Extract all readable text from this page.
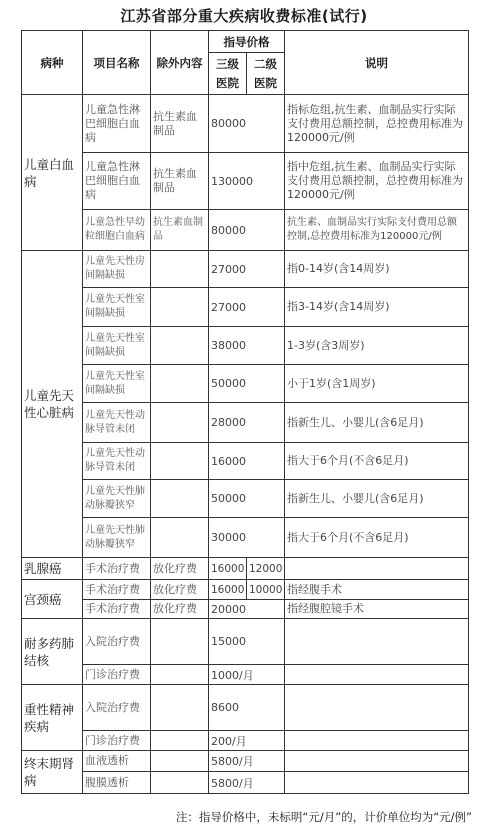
江苏省部分重大疾病收费标准(试行)
病种	项目名称	除外内容	指导价格		说明
			三级医院	二级医院	
儿童白血病	儿童急性淋巴细胞白血病	抗生素血制品	80000		指标危组,抗生素、血制品实行实际支付费用总额控制，总控费用标准为120000元/例
	儿童急性淋巴细胞白血病	抗生素血制品	130000		指中危组,抗生素、血制品实行实际支付费用总额控制，总控费用标准为120000元/例
	儿童急性早幼粒细胞白血病	抗生素血制品	80000		抗生素、血制品实行实际支付费用总额控制,总控费用标准为120000元/例
儿童先天性心脏病	儿童先天性房间隔缺损		27000		指0-14岁(含14周岁)
	儿童先天性室间隔缺损		27000		指3-14岁(含14周岁)
	儿童先天性室间隔缺损		38000		1-3岁(含3周岁)
	儿童先天性室间隔缺损		50000		小于1岁(含1周岁)
	儿童先天性动脉导管未闭		28000		指新生儿、小婴儿(含6足月)
	儿童先天性动脉导管未闭		16000		指大于6个月(不含6足月)
	儿童先天性肺动脉瓣狭窄		50000		指新生儿、小婴儿(含6足月)
	儿童先天性肺动脉瓣狭窄		30000		指大于6个月(不含6足月)
乳腺癌	手术治疗费	放化疗费	16000	12000	
宫颈癌	手术治疗费	放化疗费	16000	10000	指经腹手术
	手术治疗费	放化疗费	20000		指经腹腔镜手术
耐多药肺结核	入院治疗费		15000		
	门诊治疗费		1000/月		
重性精神疾病	入院治疗费		8600		
	门诊治疗费		200/月		
终末期肾病	血液透析		5800/月		
	腹膜透析		5800/月		
注：指导价格中，未标明“元/月”的，计价单位均为“元/例”
